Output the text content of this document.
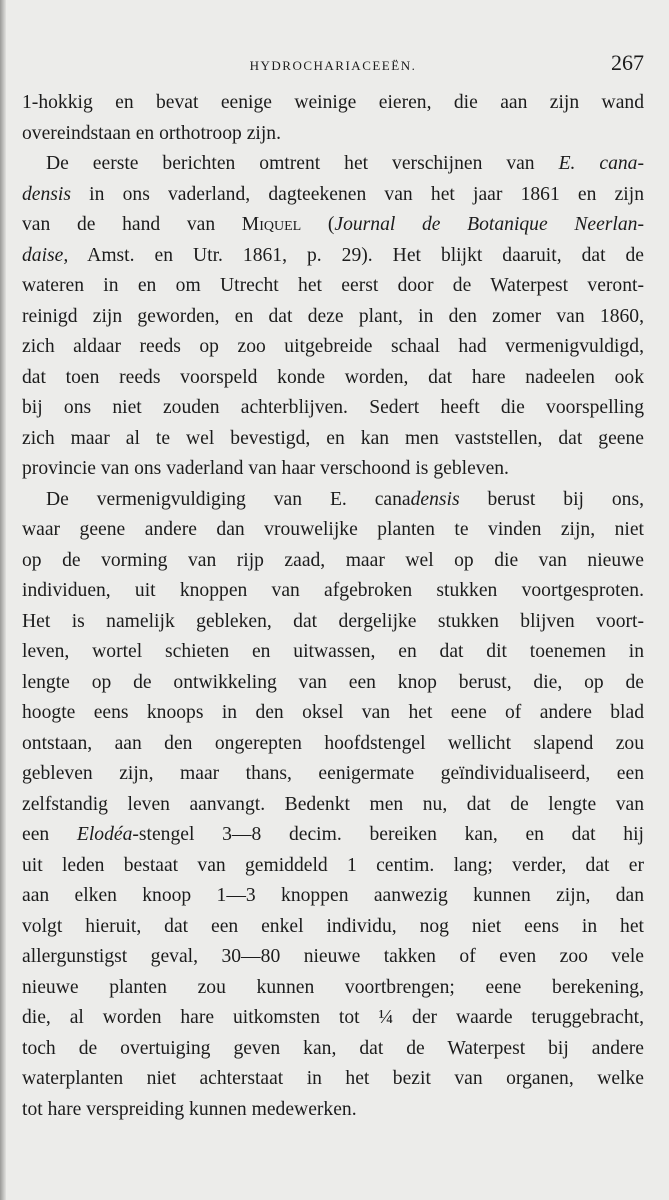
HYDROCHARIACEEËN.	267
1-hokkig en bevat eenige weinige eieren, die aan zijn wand
overeindstaan en orthotroop zijn.
De eerste berichten omtrent het verschijnen van E. cana-
densis in ons vaderland, dagteekenen van het jaar 1861 en zijn
van de hand van Miquel (Journal de Botanique Neerlan-
daise, Amst. en Utr. 1861, p. 29). Het blijkt daaruit, dat de
wateren in en om Utrecht het eerst door de Waterpest veront-
reinigd zijn geworden, en dat deze plant, in den zomer van 1860,
zich aldaar reeds op zoo uitgebreide schaal had vermenigvuldigd,
dat toen reeds voorspeld konde worden, dat hare nadeelen ook
bij ons niet zouden achterblijven. Sedert heeft die voorspelling
zich maar al te wel bevestigd, en kan men vaststellen, dat geene
provincie van ons vaderland van haar verschoond is gebleven.
De vermenigvuldiging van E. canadensis berust bij ons,
waar geene andere dan vrouwelijke planten te vinden zijn, niet
op de vorming van rijp zaad, maar wel op die van nieuwe
individuen, uit knoppen van afgebroken stukken voortgesproten.
Het is namelijk gebleken, dat dergelijke stukken blijven voort-
leven, wortel schieten en uitwassen, en dat dit toenemen in
lengte op de ontwikkeling van een knop berust, die, op de
hoogte eens knoops in den oksel van het eene of andere blad
ontstaan, aan den ongerepten hoofdstengel wellicht slapend zou
gebleven zijn, maar thans, eenigermate geïndividualiseerd, een
zelfstandig leven aanvangt. Bedenkt men nu, dat de lengte van
een Elodéa-stengel 3—8 decim. bereiken kan, en dat hij
uit leden bestaat van gemiddeld 1 centim. lang; verder, dat er
aan elken knoop 1—3 knoppen aanwezig kunnen zijn, dan
volgt hieruit, dat een enkel individu, nog niet eens in het
allergunstigst geval, 30—80 nieuwe takken of even zoo vele
nieuwe planten zou kunnen voortbrengen; eene berekening,
die, al worden hare uitkomsten tot ¼ der waarde teruggebracht,
toch de overtuiging geven kan, dat de Waterpest bij andere
waterplanten niet achterstaat in het bezit van organen, welke
tot hare verspreiding kunnen medewerken.
